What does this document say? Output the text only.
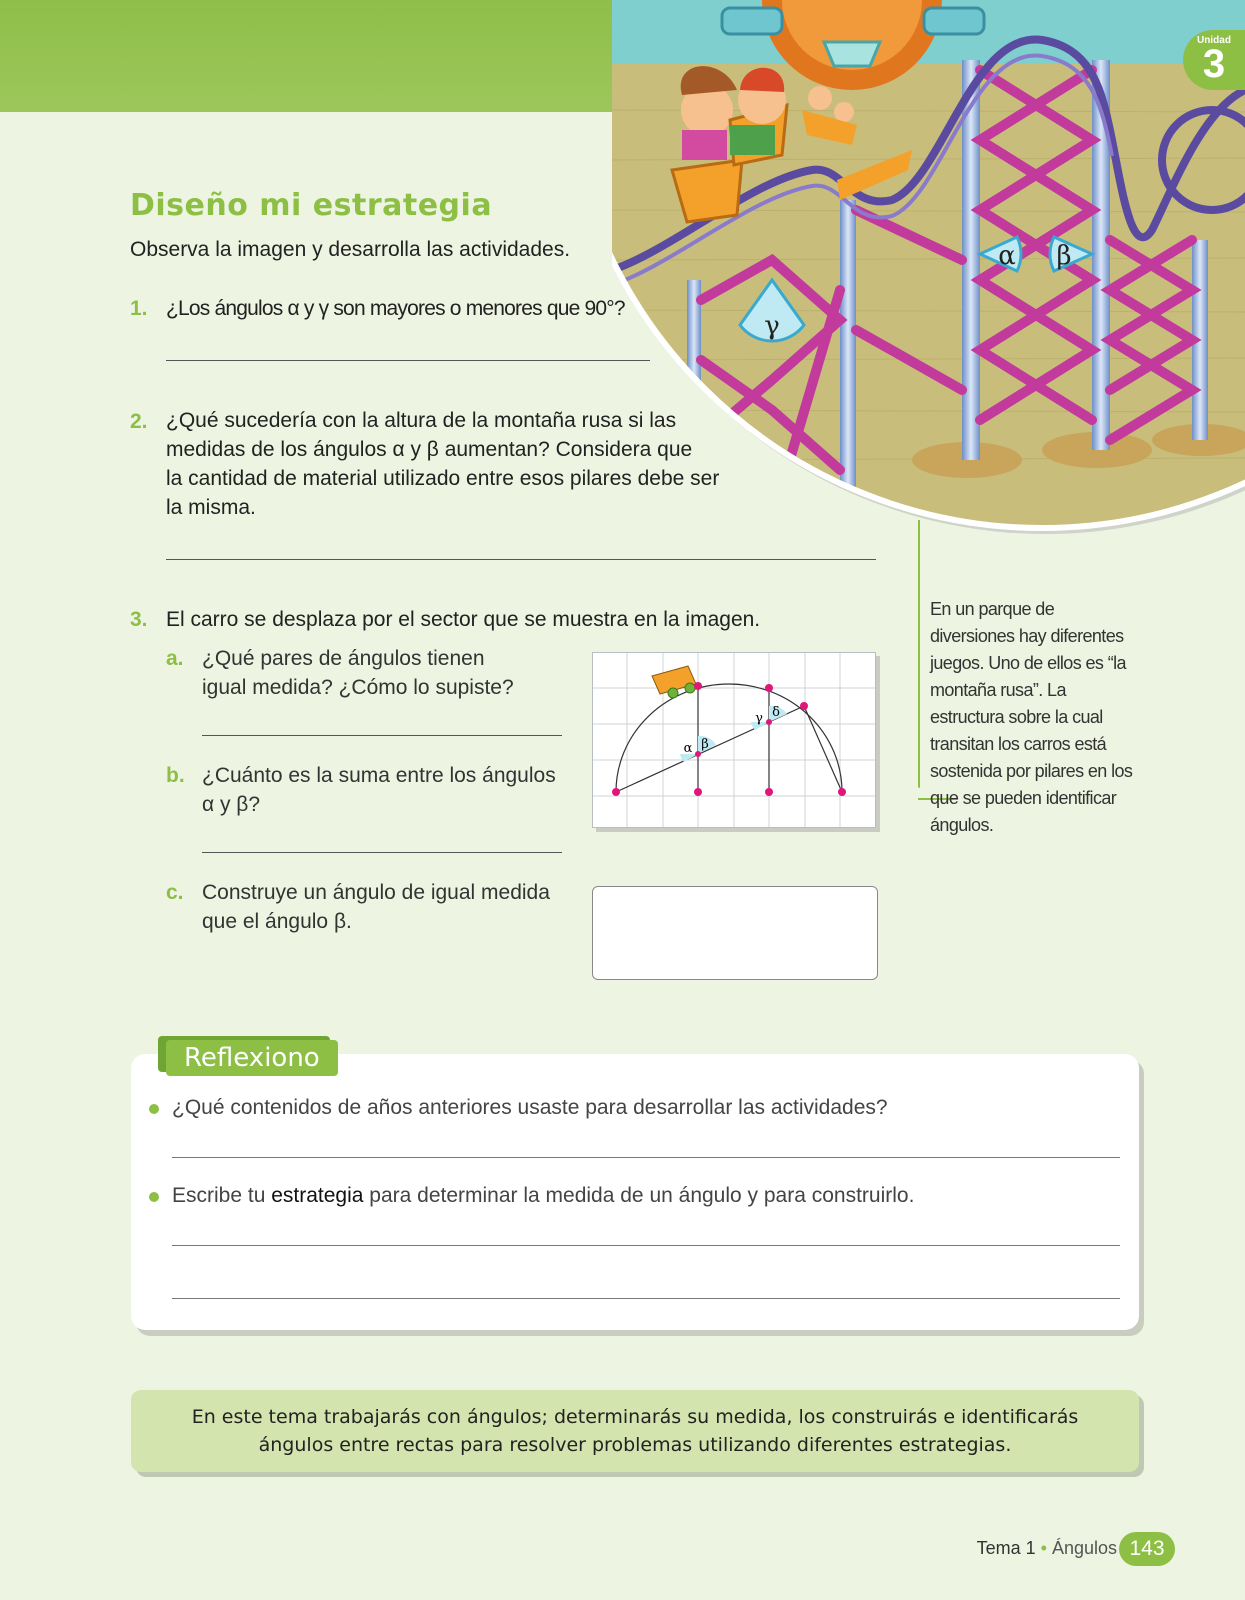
γ
α β
Unidad
3
Diseño mi estrategia
Observa la imagen y desarrolla las actividades.
1. ¿Los ángulos α y γ son mayores o menores que 90°?
2. ¿Qué sucedería con la altura de la montaña rusa si las
medidas de los ángulos α y β aumentan? Considera que
la cantidad de material utilizado entre esos pilares debe ser
la misma.
3. El carro se desplaza por el sector que se muestra en la imagen.
a. ¿Qué pares de ángulos tienen
igual medida? ¿Cómo lo supiste?
b. ¿Cuánto es la suma entre los ángulos
α y β?
c. Construye un ángulo de igual medida
que el ángulo β.
α β
γ δ
En un parque de diversiones hay diferentes juegos. Uno de ellos es “la montaña rusa”. La estructura sobre la cual transitan los carros está sostenida por pilares en los que se pueden identificar ángulos.
Reflexiono
¿Qué contenidos de años anteriores usaste para desarrollar las actividades?
Escribe tu estrategia para determinar la medida de un ángulo y para construirlo.

En este tema trabajarás con ángulos; determinarás su medida, los construirás e identificarás
ángulos entre rectas para resolver problemas utilizando diferentes estrategias.

Tema 1 • Ángulos 143
